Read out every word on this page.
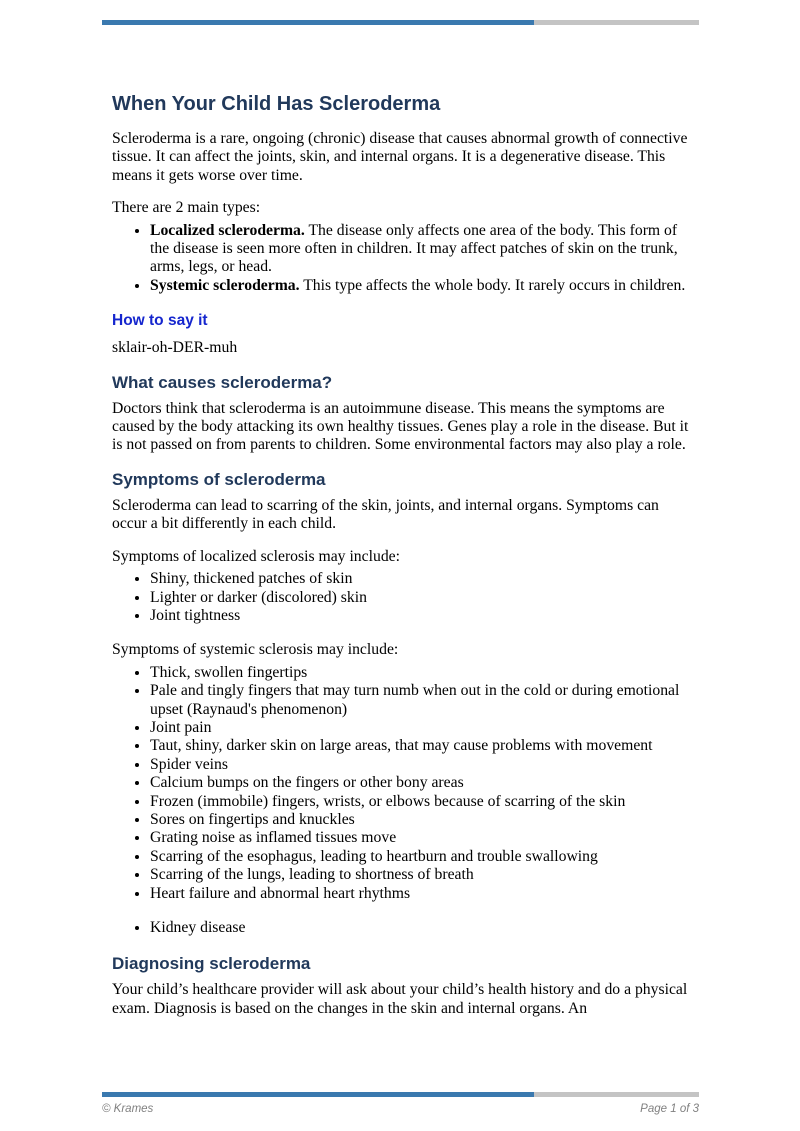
When Your Child Has Scleroderma

Scleroderma is a rare, ongoing (chronic) disease that causes abnormal growth of connective tissue. It can affect the joints, skin, and internal organs. It is a degenerative disease. This means it gets worse over time.

There are 2 main types:

• Localized scleroderma. The disease only affects one area of the body. This form of the disease is seen more often in children. It may affect patches of skin on the trunk, arms, legs, or head.
• Systemic scleroderma. This type affects the whole body. It rarely occurs in children.
How to say it

sklair-oh-DER-muh

What causes scleroderma?

Doctors think that scleroderma is an autoimmune disease. This means the symptoms are caused by the body attacking its own healthy tissues. Genes play a role in the disease. But it is not passed on from parents to children. Some environmental factors may also play a role.

Symptoms of scleroderma

Scleroderma can lead to scarring of the skin, joints, and internal organs. Symptoms can occur a bit differently in each child.

Symptoms of localized sclerosis may include:

• Shiny, thickened patches of skin
• Lighter or darker (discolored) skin
• Joint tightness

Symptoms of systemic sclerosis may include:

• Thick, swollen fingertips
• Pale and tingly fingers that may turn numb when out in the cold or during emotional upset (Raynaud's phenomenon)
• Joint pain
• Taut, shiny, darker skin on large areas, that may cause problems with movement
• Spider veins
• Calcium bumps on the fingers or other bony areas
• Frozen (immobile) fingers, wrists, or elbows because of scarring of the skin
• Sores on fingertips and knuckles
• Grating noise as inflamed tissues move
• Scarring of the esophagus, leading to heartburn and trouble swallowing
• Scarring of the lungs, leading to shortness of breath
• Heart failure and abnormal heart rhythms
• Kidney disease
Diagnosing scleroderma

Your child’s healthcare provider will ask about your child’s health history and do a physical exam. Diagnosis is based on the changes in the skin and internal organs. An

© Krames	Page 1 of 3
